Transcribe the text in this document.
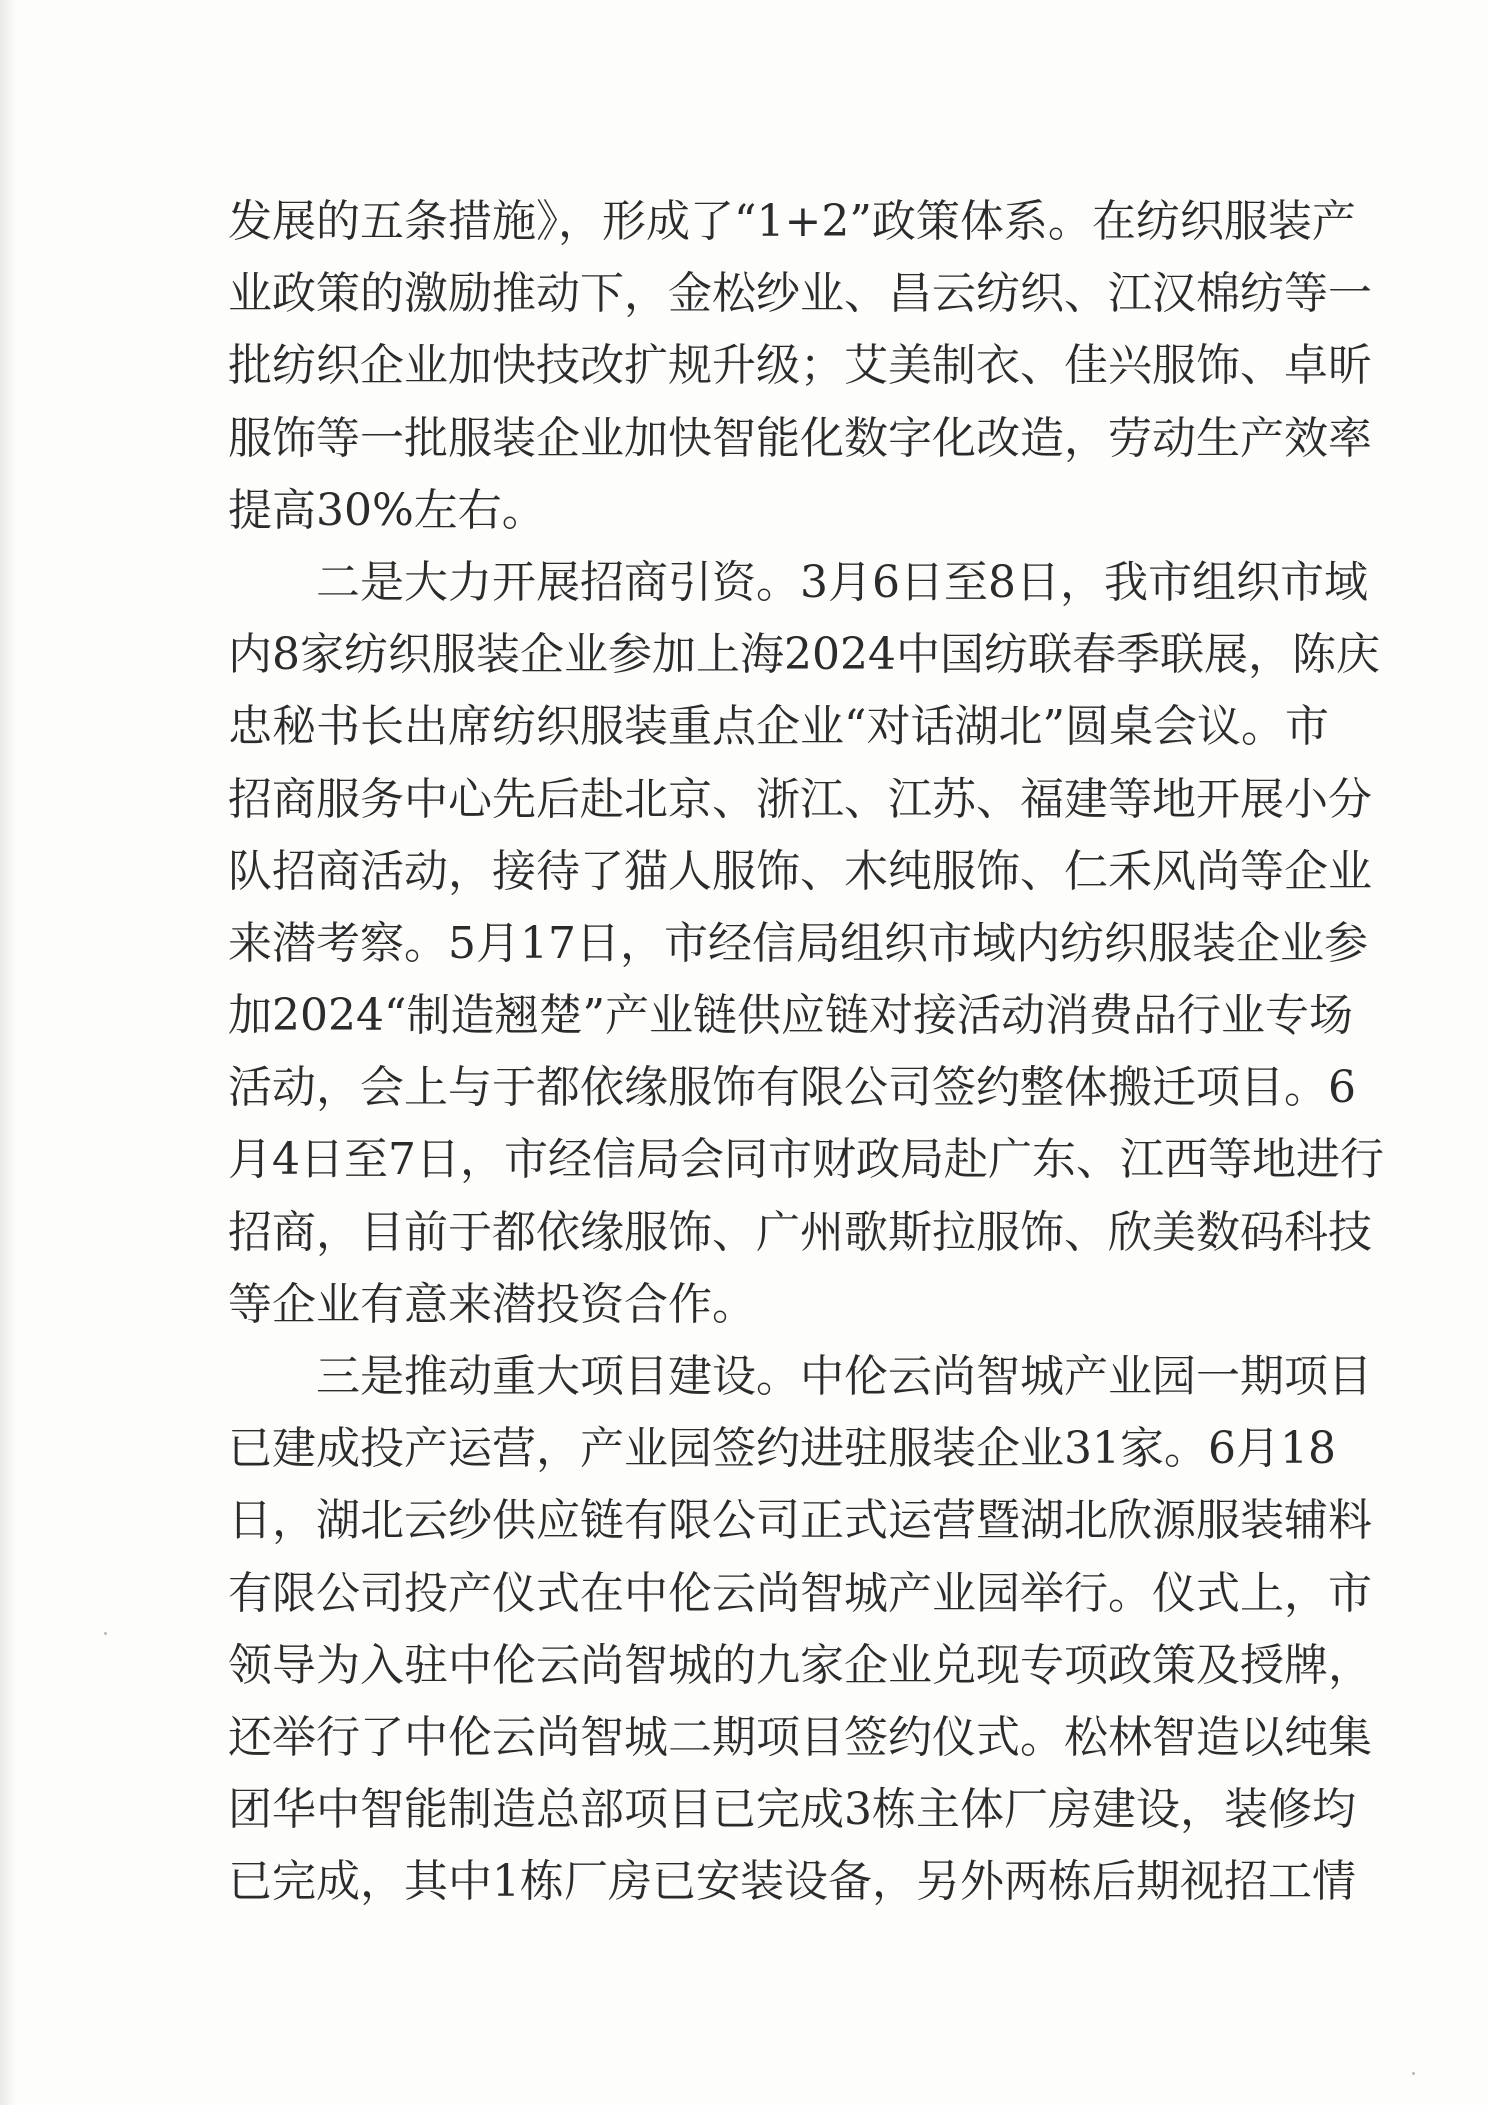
发展的五条措施》，形成了“1+2”政策体系。在纺织服装产
业政策的激励推动下，金松纱业、昌云纺织、江汉棉纺等一
批纺织企业加快技改扩规升级；艾美制衣、佳兴服饰、卓昕
服饰等一批服装企业加快智能化数字化改造，劳动生产效率
提高30%左右。
二是大力开展招商引资。3月6日至8日，我市组织市域
内8家纺织服装企业参加上海2024中国纺联春季联展，陈庆
忠秘书长出席纺织服装重点企业“对话湖北”圆桌会议。市
招商服务中心先后赴北京、浙江、江苏、福建等地开展小分
队招商活动，接待了猫人服饰、木纯服饰、仁禾风尚等企业
来潜考察。5月17日，市经信局组织市域内纺织服装企业参
加2024“制造翘楚”产业链供应链对接活动消费品行业专场
活动，会上与于都依缘服饰有限公司签约整体搬迁项目。6
月4日至7日，市经信局会同市财政局赴广东、江西等地进行
招商，目前于都依缘服饰、广州歌斯拉服饰、欣美数码科技
等企业有意来潜投资合作。
三是推动重大项目建设。中伦云尚智城产业园一期项目
已建成投产运营，产业园签约进驻服装企业31家。6月18
日，湖北云纱供应链有限公司正式运营暨湖北欣源服装辅料
有限公司投产仪式在中伦云尚智城产业园举行。仪式上，市
领导为入驻中伦云尚智城的九家企业兑现专项政策及授牌，
还举行了中伦云尚智城二期项目签约仪式。松林智造以纯集
团华中智能制造总部项目已完成3栋主体厂房建设，装修均
已完成，其中1栋厂房已安装设备，另外两栋后期视招工情
